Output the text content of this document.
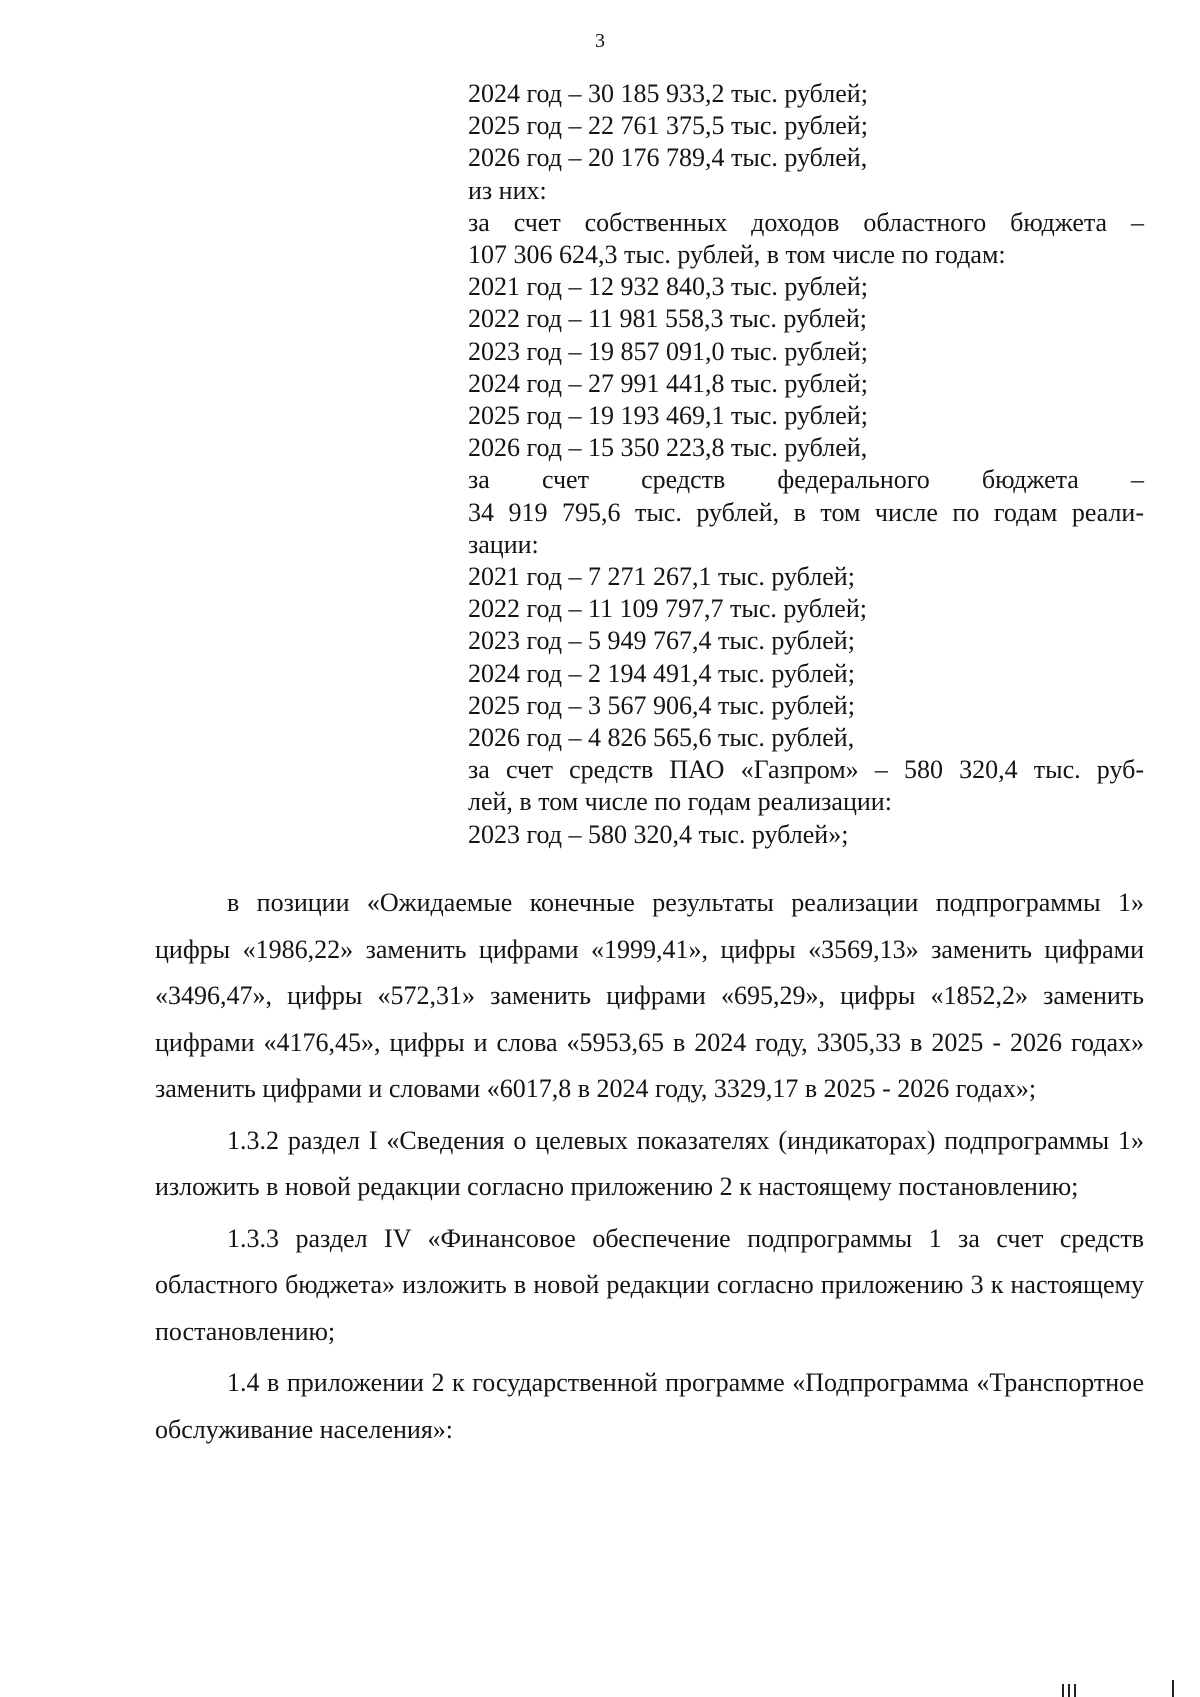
3
2024 год – 30 185 933,2 тыс. рублей;
2025 год – 22 761 375,5 тыс. рублей;
2026 год – 20 176 789,4 тыс. рублей,
из них:
за счет собственных доходов областного бюджета –
107 306 624,3 тыс. рублей, в том числе по годам:
2021 год – 12 932 840,3 тыс. рублей;
2022 год – 11 981 558,3 тыс. рублей;
2023 год – 19 857 091,0 тыс. рублей;
2024 год – 27 991 441,8 тыс. рублей;
2025 год – 19 193 469,1 тыс. рублей;
2026 год – 15 350 223,8 тыс. рублей,
за счет средств федерального бюджета –
34 919 795,6 тыс. рублей, в том числе по годам реали-
зации:
2021 год – 7 271 267,1 тыс. рублей;
2022 год – 11 109 797,7 тыс. рублей;
2023 год – 5 949 767,4 тыс. рублей;
2024 год – 2 194 491,4 тыс. рублей;
2025 год – 3 567 906,4 тыс. рублей;
2026 год – 4 826 565,6 тыс. рублей,
за счет средств ПАО «Газпром» – 580 320,4 тыс. руб-
лей, в том числе по годам реализации:
2023 год – 580 320,4 тыс. рублей»;

в позиции «Ожидаемые конечные результаты реализации подпрограммы 1» цифры «1986,22» заменить цифрами «1999,41», цифры «3569,13» заменить цифрами «3496,47», цифры «572,31» заменить цифрами «695,29», цифры «1852,2» заменить цифрами «4176,45», цифры и слова «5953,65 в 2024 году, 3305,33 в 2025 - 2026 годах» заменить цифрами и словами «6017,8 в 2024 году, 3329,17 в 2025 - 2026 годах»;

1.3.2 раздел I «Сведения о целевых показателях (индикаторах) подпрограммы 1» изложить в новой редакции согласно приложению 2 к настоящему постановлению;

1.3.3 раздел IV «Финансовое обеспечение подпрограммы 1 за счет средств областного бюджета» изложить в новой редакции согласно приложению 3 к настоящему постановлению;

1.4 в приложении 2 к государственной программе «Подпрограмма «Транспортное обслуживание населения»:
